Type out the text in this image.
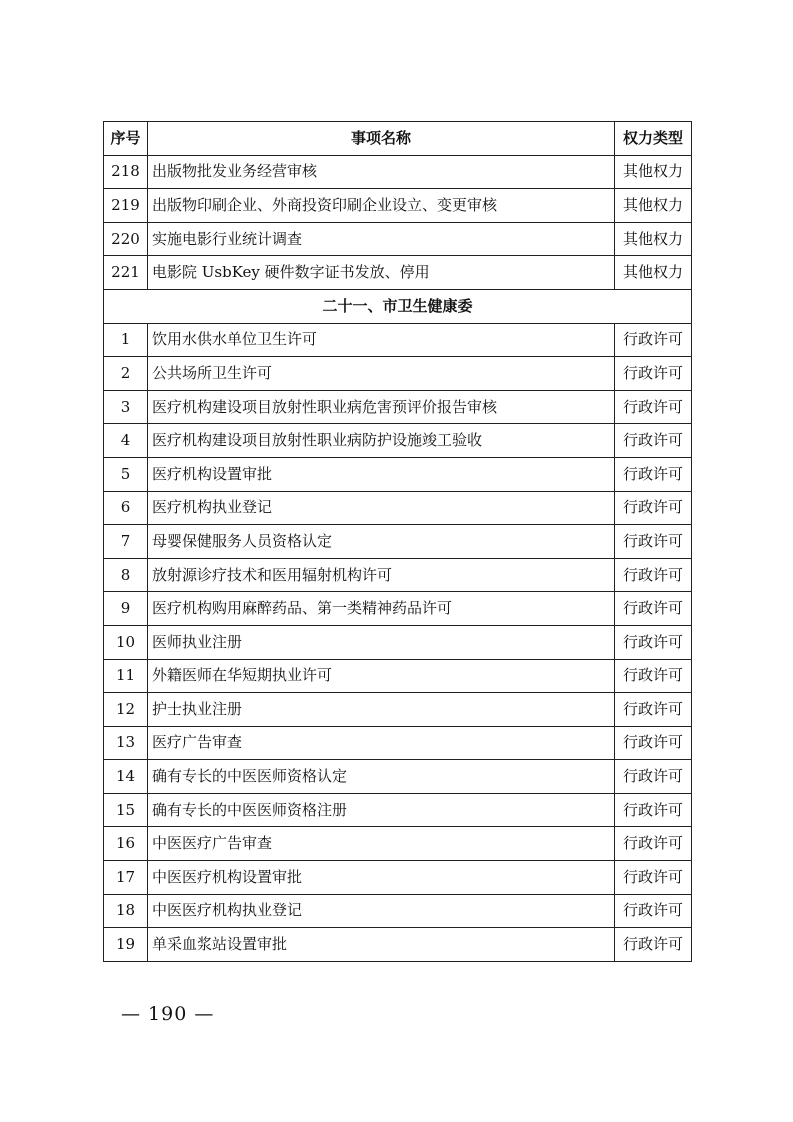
序号	事项名称	权力类型
218	出版物批发业务经营审核	其他权力
219	出版物印刷企业、外商投资印刷企业设立、变更审核	其他权力
220	实施电影行业统计调查	其他权力
221	电影院 UsbKey 硬件数字证书发放、停用	其他权力
二十一、市卫生健康委		
1	饮用水供水单位卫生许可	行政许可
2	公共场所卫生许可	行政许可
3	医疗机构建设项目放射性职业病危害预评价报告审核	行政许可
4	医疗机构建设项目放射性职业病防护设施竣工验收	行政许可
5	医疗机构设置审批	行政许可
6	医疗机构执业登记	行政许可
7	母婴保健服务人员资格认定	行政许可
8	放射源诊疗技术和医用辐射机构许可	行政许可
9	医疗机构购用麻醉药品、第一类精神药品许可	行政许可
10	医师执业注册	行政许可
11	外籍医师在华短期执业许可	行政许可
12	护士执业注册	行政许可
13	医疗广告审查	行政许可
14	确有专长的中医医师资格认定	行政许可
15	确有专长的中医医师资格注册	行政许可
16	中医医疗广告审查	行政许可
17	中医医疗机构设置审批	行政许可
18	中医医疗机构执业登记	行政许可
19	单采血浆站设置审批	行政许可
— 190 —
